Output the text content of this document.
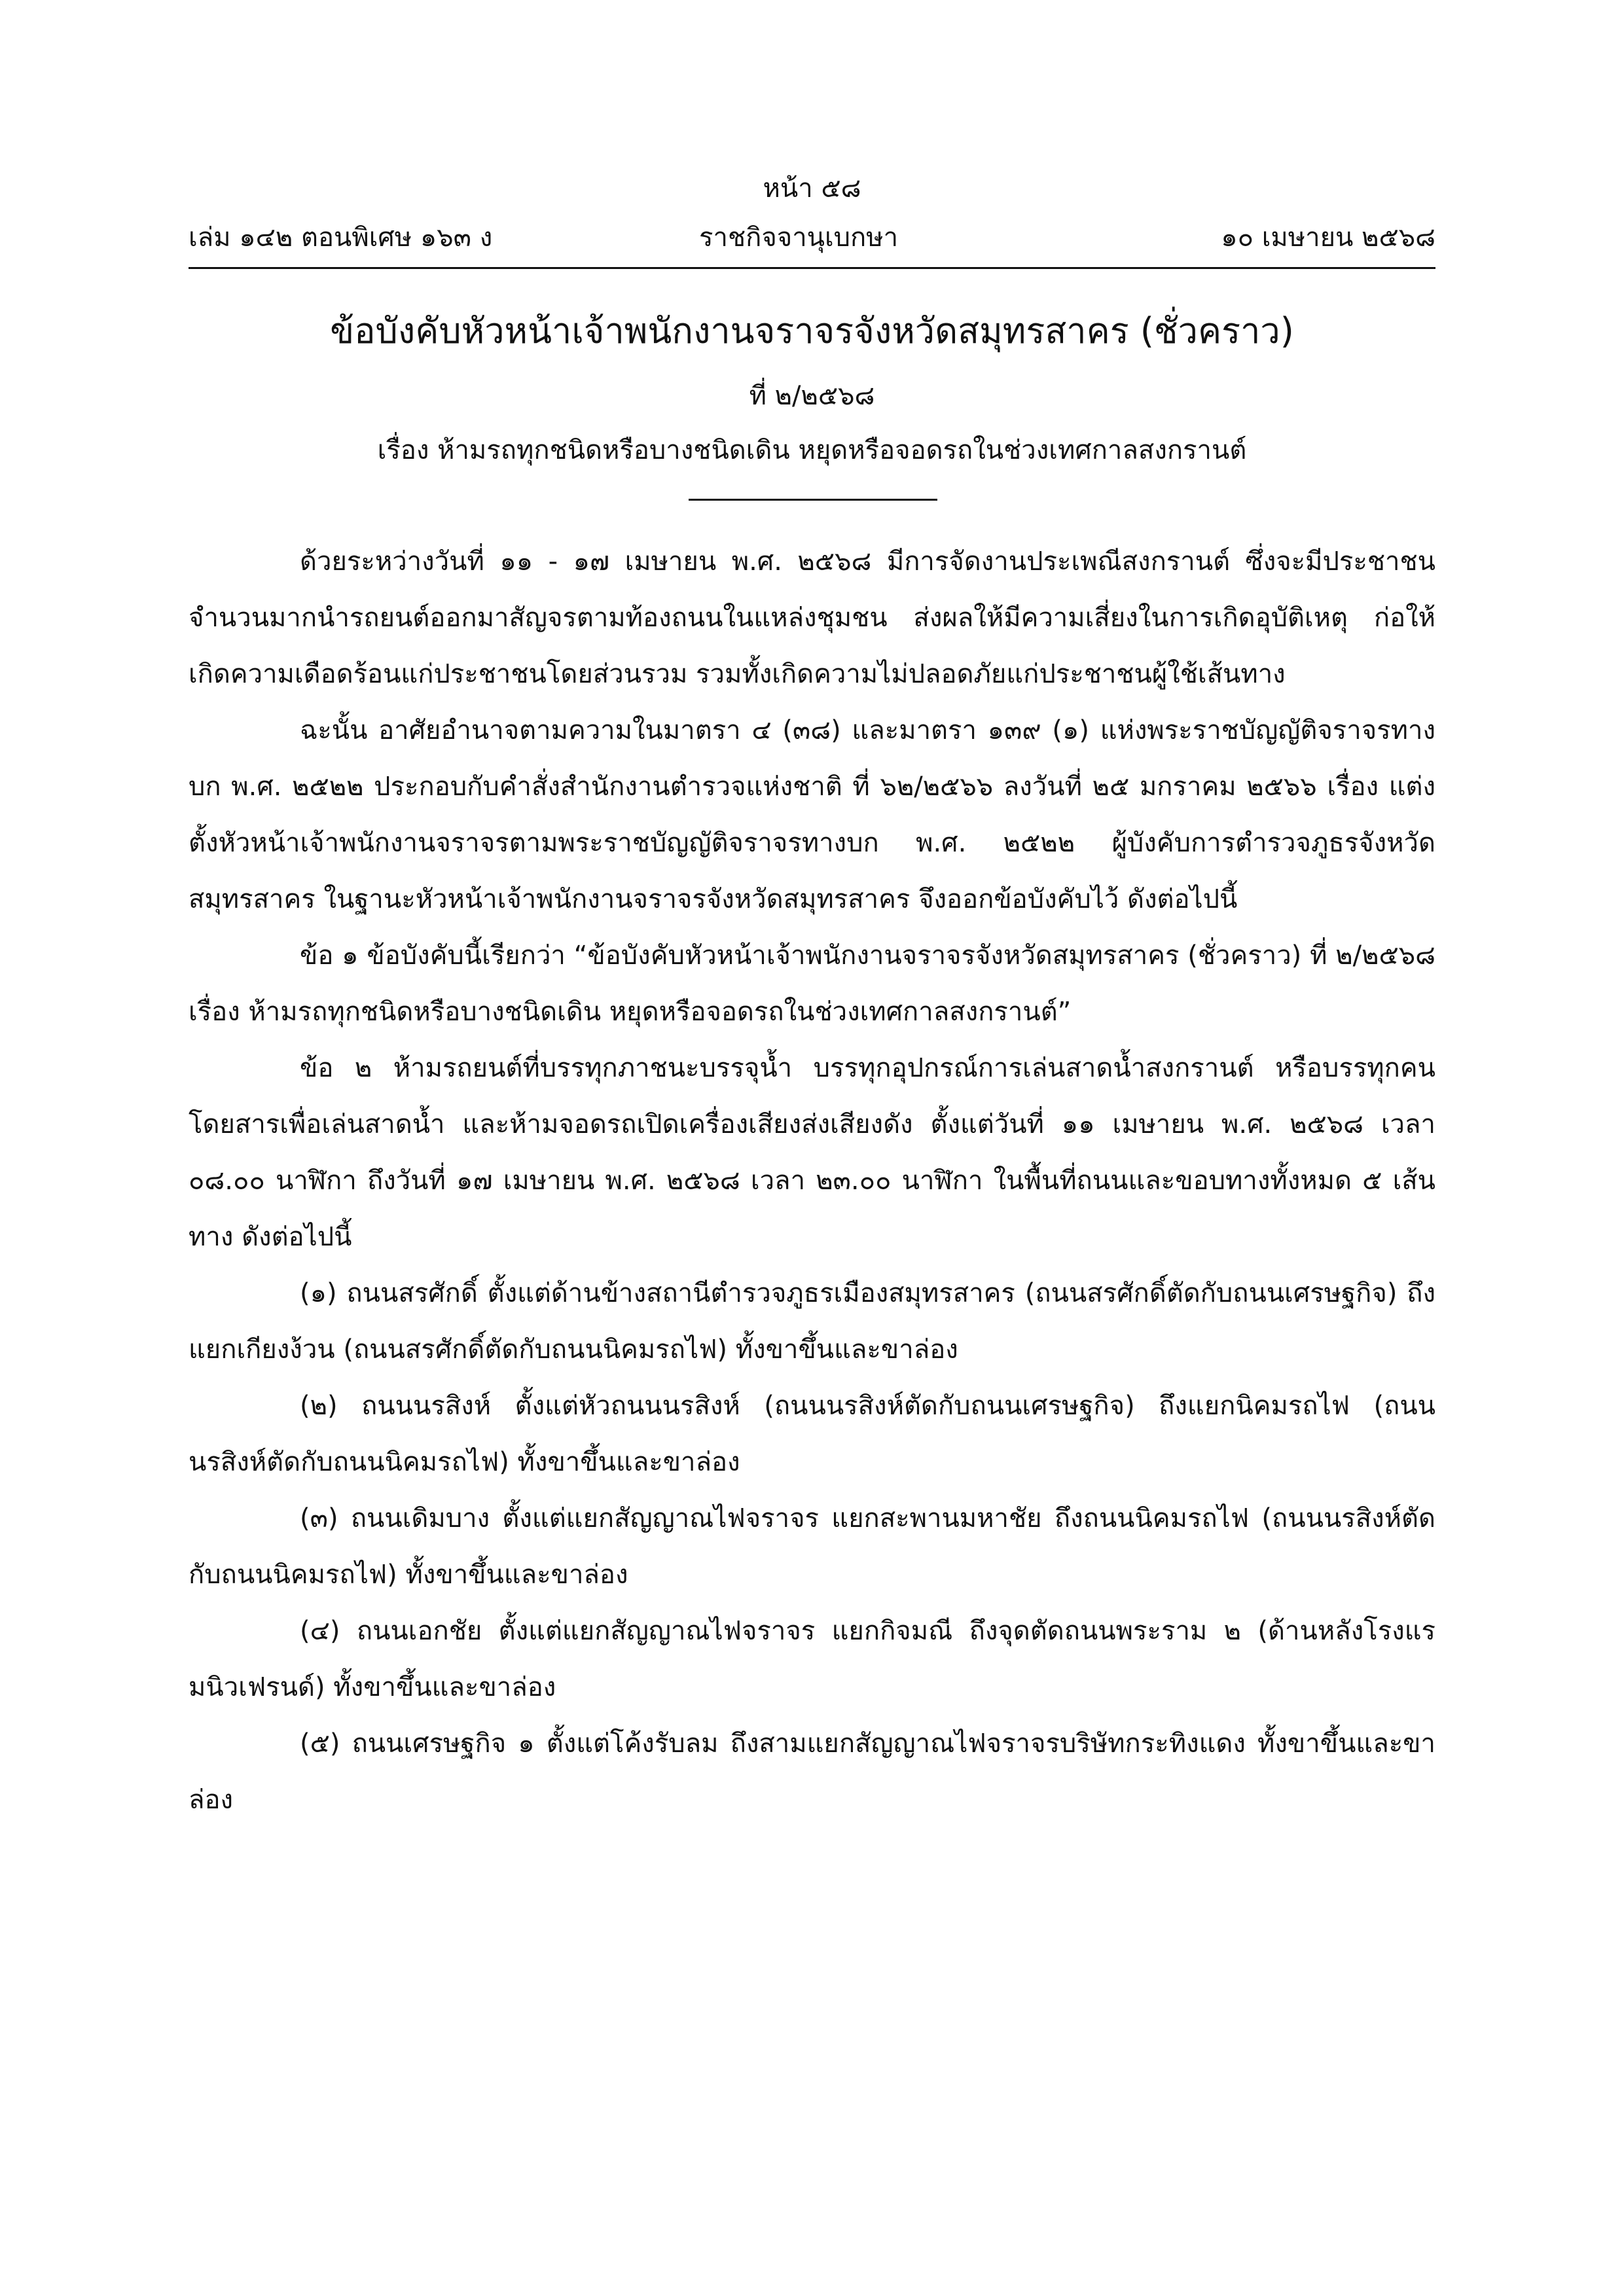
หน้า ๕๘
เล่ม ๑๔๒ ตอนพิเศษ ๑๖๓ ง	ราชกิจจานุเบกษา	๑๐ เมษายน ๒๕๖๘
ข้อบังคับหัวหน้าเจ้าพนักงานจราจรจังหวัดสมุทรสาคร (ชั่วคราว)
ที่ ๒/๒๕๖๘
เรื่อง ห้ามรถทุกชนิดหรือบางชนิดเดิน หยุดหรือจอดรถในช่วงเทศกาลสงกรานต์

ด้วยระหว่างวันที่ ๑๑ - ๑๗ เมษายน พ.ศ. ๒๕๖๘ มีการจัดงานประเพณีสงกรานต์ ซึ่งจะมีประชาชนจำนวนมากนำรถยนต์ออกมาสัญจรตามท้องถนนในแหล่งชุมชน ส่งผลให้มีความเสี่ยงในการเกิดอุบัติเหตุ ก่อให้เกิดความเดือดร้อนแก่ประชาชนโดยส่วนรวม รวมทั้งเกิดความไม่ปลอดภัยแก่ประชาชนผู้ใช้เส้นทาง

ฉะนั้น อาศัยอำนาจตามความในมาตรา ๔ (๓๘) และมาตรา ๑๓๙ (๑) แห่งพระราชบัญญัติจราจรทางบก พ.ศ. ๒๕๒๒ ประกอบกับคำสั่งสำนักงานตำรวจแห่งชาติ ที่ ๖๒/๒๕๖๖ ลงวันที่ ๒๕ มกราคม ๒๕๖๖ เรื่อง แต่งตั้งหัวหน้าเจ้าพนักงานจราจรตามพระราชบัญญัติจราจรทางบก พ.ศ. ๒๕๒๒ ผู้บังคับการตำรวจภูธรจังหวัดสมุทรสาคร ในฐานะหัวหน้าเจ้าพนักงานจราจรจังหวัดสมุทรสาคร จึงออกข้อบังคับไว้ ดังต่อไปนี้

ข้อ ๑ ข้อบังคับนี้เรียกว่า “ข้อบังคับหัวหน้าเจ้าพนักงานจราจรจังหวัดสมุทรสาคร (ชั่วคราว) ที่ ๒/๒๕๖๘ เรื่อง ห้ามรถทุกชนิดหรือบางชนิดเดิน หยุดหรือจอดรถในช่วงเทศกาลสงกรานต์”

ข้อ ๒ ห้ามรถยนต์ที่บรรทุกภาชนะบรรจุน้ำ บรรทุกอุปกรณ์การเล่นสาดน้ำสงกรานต์ หรือบรรทุกคนโดยสารเพื่อเล่นสาดน้ำ และห้ามจอดรถเปิดเครื่องเสียงส่งเสียงดัง ตั้งแต่วันที่ ๑๑ เมษายน พ.ศ. ๒๕๖๘ เวลา ๐๘.๐๐ นาฬิกา ถึงวันที่ ๑๗ เมษายน พ.ศ. ๒๕๖๘ เวลา ๒๓.๐๐ นาฬิกา ในพื้นที่ถนนและขอบทางทั้งหมด ๕ เส้นทาง ดังต่อไปนี้

(๑) ถนนสรศักดิ์ ตั้งแต่ด้านข้างสถานีตำรวจภูธรเมืองสมุทรสาคร (ถนนสรศักดิ์ตัดกับถนนเศรษฐกิจ) ถึงแยกเกียงง้วน (ถนนสรศักดิ์ตัดกับถนนนิคมรถไฟ) ทั้งขาขึ้นและขาล่อง

(๒) ถนนนรสิงห์ ตั้งแต่หัวถนนนรสิงห์ (ถนนนรสิงห์ตัดกับถนนเศรษฐกิจ) ถึงแยกนิคมรถไฟ (ถนนนรสิงห์ตัดกับถนนนิคมรถไฟ) ทั้งขาขึ้นและขาล่อง

(๓) ถนนเดิมบาง ตั้งแต่แยกสัญญาณไฟจราจร แยกสะพานมหาชัย ถึงถนนนิคมรถไฟ (ถนนนรสิงห์ตัดกับถนนนิคมรถไฟ) ทั้งขาขึ้นและขาล่อง

(๔) ถนนเอกชัย ตั้งแต่แยกสัญญาณไฟจราจร แยกกิจมณี ถึงจุดตัดถนนพระราม ๒ (ด้านหลังโรงแรมนิวเฟรนด์) ทั้งขาขึ้นและขาล่อง

(๕) ถนนเศรษฐกิจ ๑ ตั้งแต่โค้งรับลม ถึงสามแยกสัญญาณไฟจราจรบริษัทกระทิงแดง ทั้งขาขึ้นและขาล่อง
